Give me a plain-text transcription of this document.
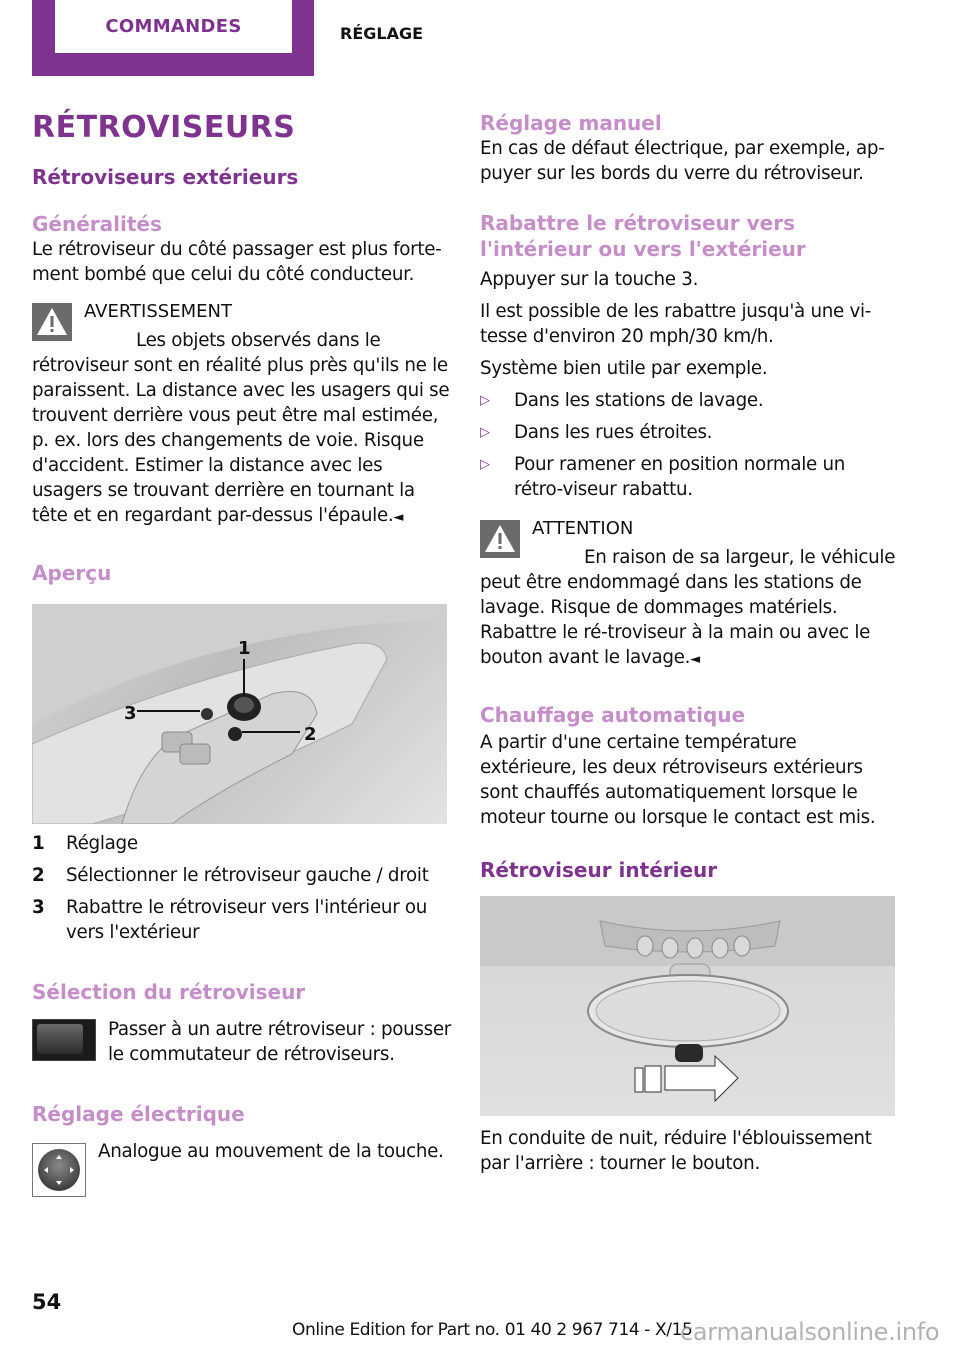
COMMANDES	RÉGLAGE
RÉTROVISEURS
Rétroviseurs extérieurs
Généralités

Le rétroviseur du côté passager est plus forte-ment bombé que celui du côté conducteur.

AVERTISSEMENT

Les objets observés dans le rétroviseur sont en réalité plus près qu'ils ne le paraissent. La distance avec les usagers qui se trouvent derrière vous peut être mal estimée, p. ex. lors des changements de voie. Risque d'accident. Estimer la distance avec les usagers se trouvant derrière en tournant la tête et en regardant par-dessus l'épaule.◄

Aperçu
1
3
2
1	Réglage
2	Sélectionner le rétroviseur gauche / droit
3	Rabattre le rétroviseur vers l'intérieur ou vers l'extérieur
Sélection du rétroviseur

Passer à un autre rétroviseur : pousser le commutateur de rétroviseurs.

Réglage électrique

Analogue au mouvement de la touche.

Réglage manuel

En cas de défaut électrique, par exemple, ap-puyer sur les bords du verre du rétroviseur.

Rabattre le rétroviseur vers l'intérieur ou vers l'extérieur

Appuyer sur la touche 3.

Il est possible de les rabattre jusqu'à une vi-tesse d'environ 20 mph/30 km/h.

Système bien utile par exemple.

▷	Dans les stations de lavage.
▷	Dans les rues étroites.
▷	Pour ramener en position normale un rétro-viseur rabattu.
ATTENTION

En raison de sa largeur, le véhicule peut être endommagé dans les stations de lavage. Risque de dommages matériels. Rabattre le ré-troviseur à la main ou avec le bouton avant le lavage.◄

Chauffage automatique

A partir d'une certaine température extérieure, les deux rétroviseurs extérieurs sont chauffés automatiquement lorsque le moteur tourne ou lorsque le contact est mis.

Rétroviseur intérieur

En conduite de nuit, réduire l'éblouissement par l'arrière : tourner le bouton.

54
Online Edition for Part no. 01 40 2 967 714 - X/15
carmanualsonline.info
